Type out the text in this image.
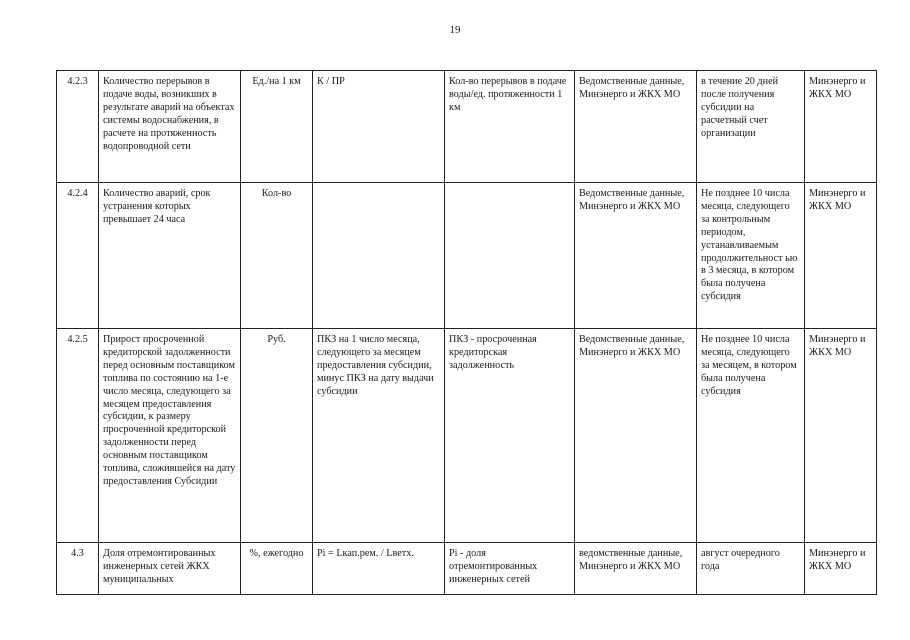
19
4.2.3	Количество перерывов в подаче воды, возникших в результате аварий на объектах системы водоснабжения, в расчете на протяженность водопроводной сети	Ед./на 1 км	К / ПР	Кол-во перерывов в подаче воды/ед. протяженности 1 км	Ведомственные данные, Минэнерго и ЖКХ МО	в течение 20 дней после получения субсидии на расчетный счет организации	Минэнерго и ЖКХ МО
4.2.4	Количество аварий, срок устранения которых превышает 24 часа	Кол-во			Ведомственные данные, Минэнерго и ЖКХ МО	Не позднее 10 числа месяца, следующего за контрольным периодом, устанавливаемым продолжительност ью в 3 месяца, в котором была получена субсидия	Минэнерго и ЖКХ МО
4.2.5	Прирост просроченной кредиторской задолженности перед основным поставщиком топлива по состоянию на 1-е число месяца, следующего за месяцем предоставления субсидии, к размеру просроченной кредиторской задолженности перед основным поставщиком топлива, сложившейся на дату предоставления Субсидии	Руб.	ПКЗ на 1 число месяца, следующего за месяцем предоставления субсидии, минус ПКЗ на дату выдачи субсидии	ПКЗ - просроченная кредиторская задолженность	Ведомственные данные, Минэнерго и ЖКХ МО	Не позднее 10 числа месяца, следующего за месяцем, в котором была получена субсидия	Минэнерго и ЖКХ МО
4.3	Доля отремонтированных инженерных сетей ЖКХ муниципальных	%, ежегодно	Pi = Lкап.рем. / Lветх.	Pi - доля отремонтированных инженерных сетей	ведомственные данные, Минэнерго и ЖКХ МО	август очередного года	Минэнерго и ЖКХ МО
